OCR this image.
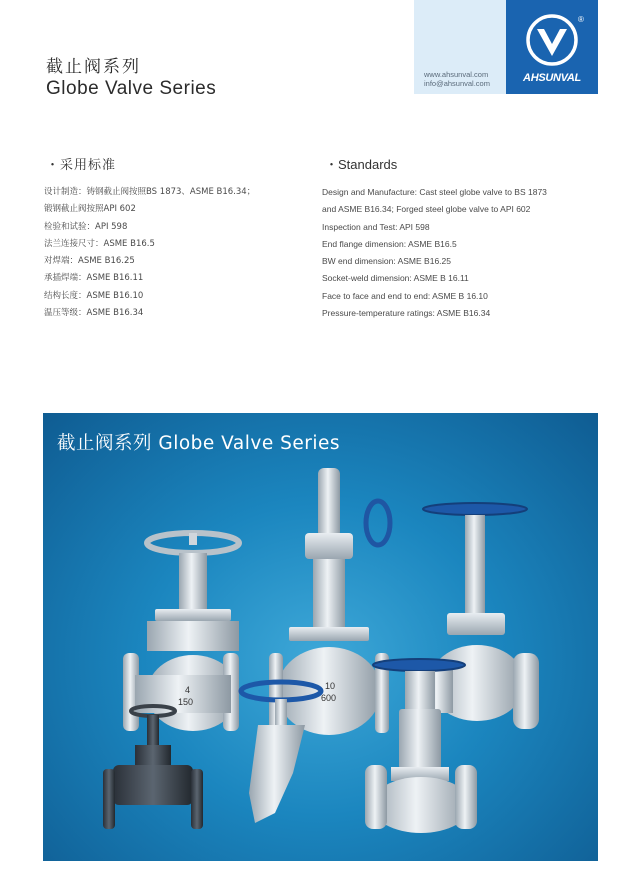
截止阀系列
Globe Valve Series
www.ahsunval.com
info@ahsunval.com	AHSUNVAL
®
・采用标准
设计制造：铸钢截止阀按照BS 1873、ASME B16.34；
锻钢截止阀按照API 602
检验和试验：API 598
法兰连接尺寸：ASME B16.5
对焊端：ASME B16.25
承插焊端：ASME B16.11
结构长度：ASME B16.10
温压等级：ASME B16.34
・Standards
Design and Manufacture: Cast steel globe valve to BS 1873
and ASME B16.34; Forged steel globe valve to API 602
Inspection and Test: API 598
End flange dimension: ASME B16.5
BW end dimension: ASME B16.25
Socket-weld dimension: ASME B 16.11
Face to face and end to end: ASME B 16.10
Pressure-temperature ratings: ASME B16.34
4
150
10
600
截止阀系列 Globe Valve Series
